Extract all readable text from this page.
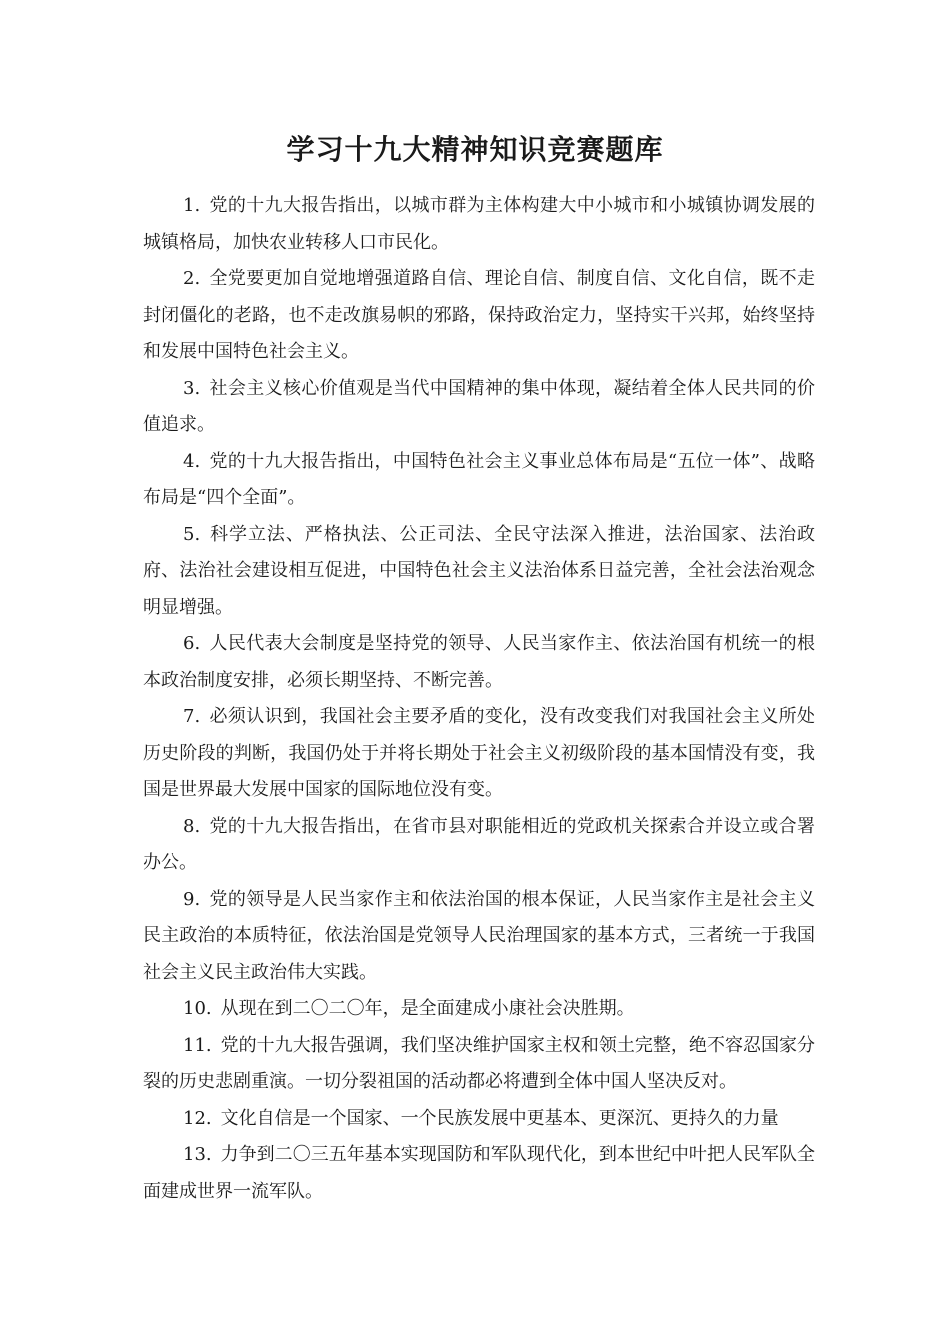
学习十九大精神知识竞赛题库

1. 党的十九大报告指出，以城市群为主体构建大中小城市和小城镇协调发展的城镇格局，加快农业转移人口市民化。

2. 全党要更加自觉地增强道路自信、理论自信、制度自信、文化自信，既不走封闭僵化的老路，也不走改旗易帜的邪路，保持政治定力，坚持实干兴邦，始终坚持和发展中国特色社会主义。

3. 社会主义核心价值观是当代中国精神的集中体现，凝结着全体人民共同的价值追求。

4. 党的十九大报告指出，中国特色社会主义事业总体布局是“五位一体”、战略布局是“四个全面”。

5. 科学立法、严格执法、公正司法、全民守法深入推进，法治国家、法治政府、法治社会建设相互促进，中国特色社会主义法治体系日益完善，全社会法治观念明显增强。

6. 人民代表大会制度是坚持党的领导、人民当家作主、依法治国有机统一的根本政治制度安排，必须长期坚持、不断完善。

7. 必须认识到，我国社会主要矛盾的变化，没有改变我们对我国社会主义所处历史阶段的判断，我国仍处于并将长期处于社会主义初级阶段的基本国情没有变，我国是世界最大发展中国家的国际地位没有变。

8. 党的十九大报告指出，在省市县对职能相近的党政机关探索合并设立或合署办公。

9. 党的领导是人民当家作主和依法治国的根本保证，人民当家作主是社会主义民主政治的本质特征，依法治国是党领导人民治理国家的基本方式，三者统一于我国社会主义民主政治伟大实践。

10. 从现在到二〇二〇年，是全面建成小康社会决胜期。

11. 党的十九大报告强调，我们坚决维护国家主权和领土完整，绝不容忍国家分裂的历史悲剧重演。一切分裂祖国的活动都必将遭到全体中国人坚决反对。

12. 文化自信是一个国家、一个民族发展中更基本、更深沉、更持久的力量

13. 力争到二〇三五年基本实现国防和军队现代化，到本世纪中叶把人民军队全面建成世界一流军队。
